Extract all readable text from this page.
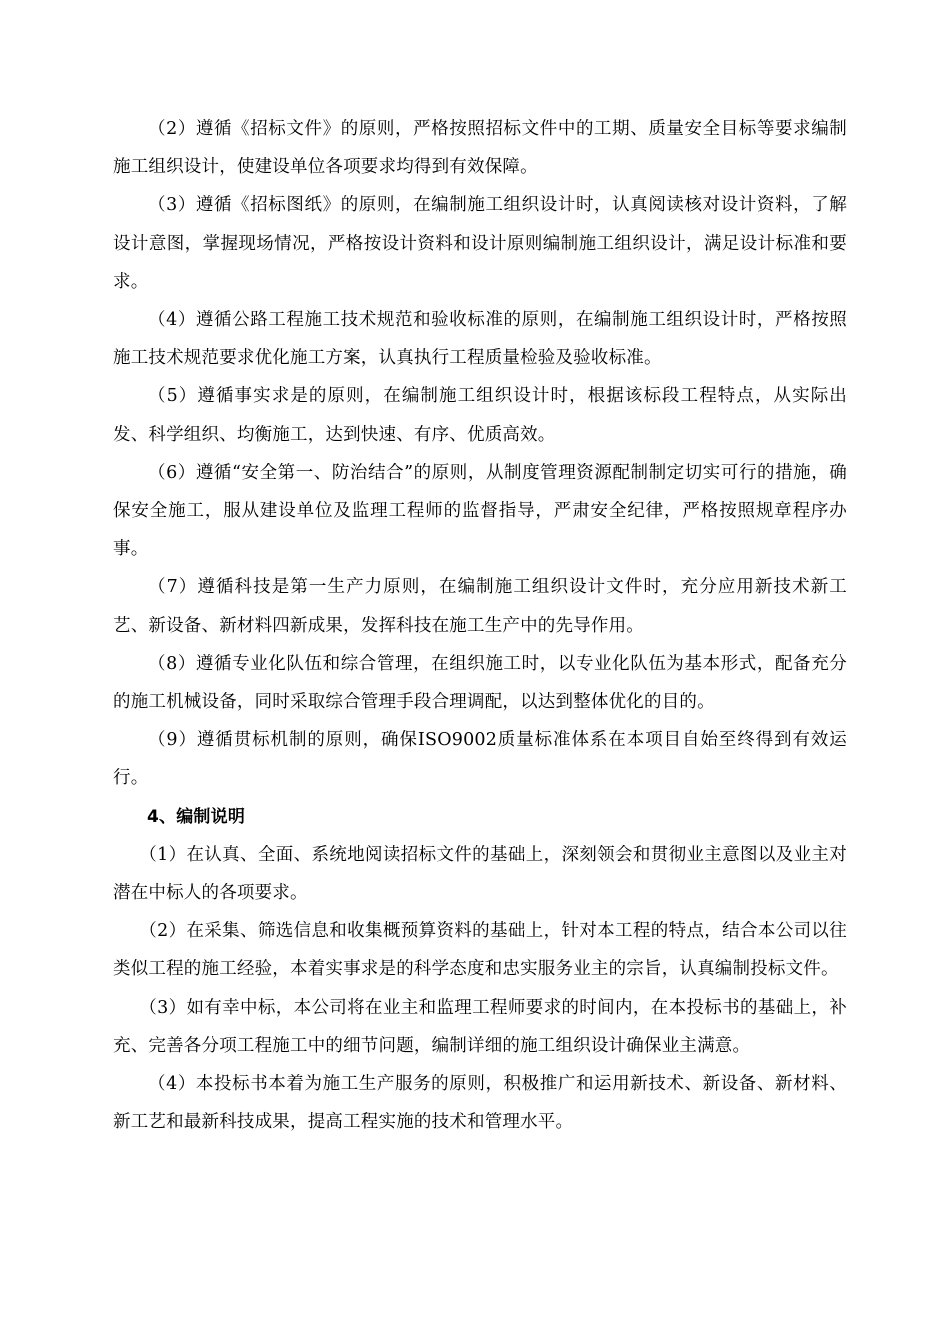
（2）遵循《招标文件》的原则，严格按照招标文件中的工期、质量安全目标等要求编制施工组织设计，使建设单位各项要求均得到有效保障。

（3）遵循《招标图纸》的原则，在编制施工组织设计时，认真阅读核对设计资料，了解设计意图，掌握现场情况，严格按设计资料和设计原则编制施工组织设计，满足设计标准和要求。

（4）遵循公路工程施工技术规范和验收标准的原则，在编制施工组织设计时，严格按照施工技术规范要求优化施工方案，认真执行工程质量检验及验收标准。

（5）遵循事实求是的原则，在编制施工组织设计时，根据该标段工程特点，从实际出发、科学组织、均衡施工，达到快速、有序、优质高效。

（6）遵循“安全第一、防治结合”的原则，从制度管理资源配制制定切实可行的措施，确保安全施工，服从建设单位及监理工程师的监督指导，严肃安全纪律，严格按照规章程序办事。

（7）遵循科技是第一生产力原则，在编制施工组织设计文件时，充分应用新技术新工艺、新设备、新材料四新成果，发挥科技在施工生产中的先导作用。

（8）遵循专业化队伍和综合管理，在组织施工时，以专业化队伍为基本形式，配备充分的施工机械设备，同时采取综合管理手段合理调配，以达到整体优化的目的。

（9）遵循贯标机制的原则，确保ISO9002质量标准体系在本项目自始至终得到有效运行。

4、编制说明

（1）在认真、全面、系统地阅读招标文件的基础上，深刻领会和贯彻业主意图以及业主对潜在中标人的各项要求。

（2）在采集、筛选信息和收集概预算资料的基础上，针对本工程的特点，结合本公司以往类似工程的施工经验，本着实事求是的科学态度和忠实服务业主的宗旨，认真编制投标文件。

（3）如有幸中标，本公司将在业主和监理工程师要求的时间内，在本投标书的基础上，补充、完善各分项工程施工中的细节问题，编制详细的施工组织设计确保业主满意。

（4）本投标书本着为施工生产服务的原则，积极推广和运用新技术、新设备、新材料、新工艺和最新科技成果，提高工程实施的技术和管理水平。
